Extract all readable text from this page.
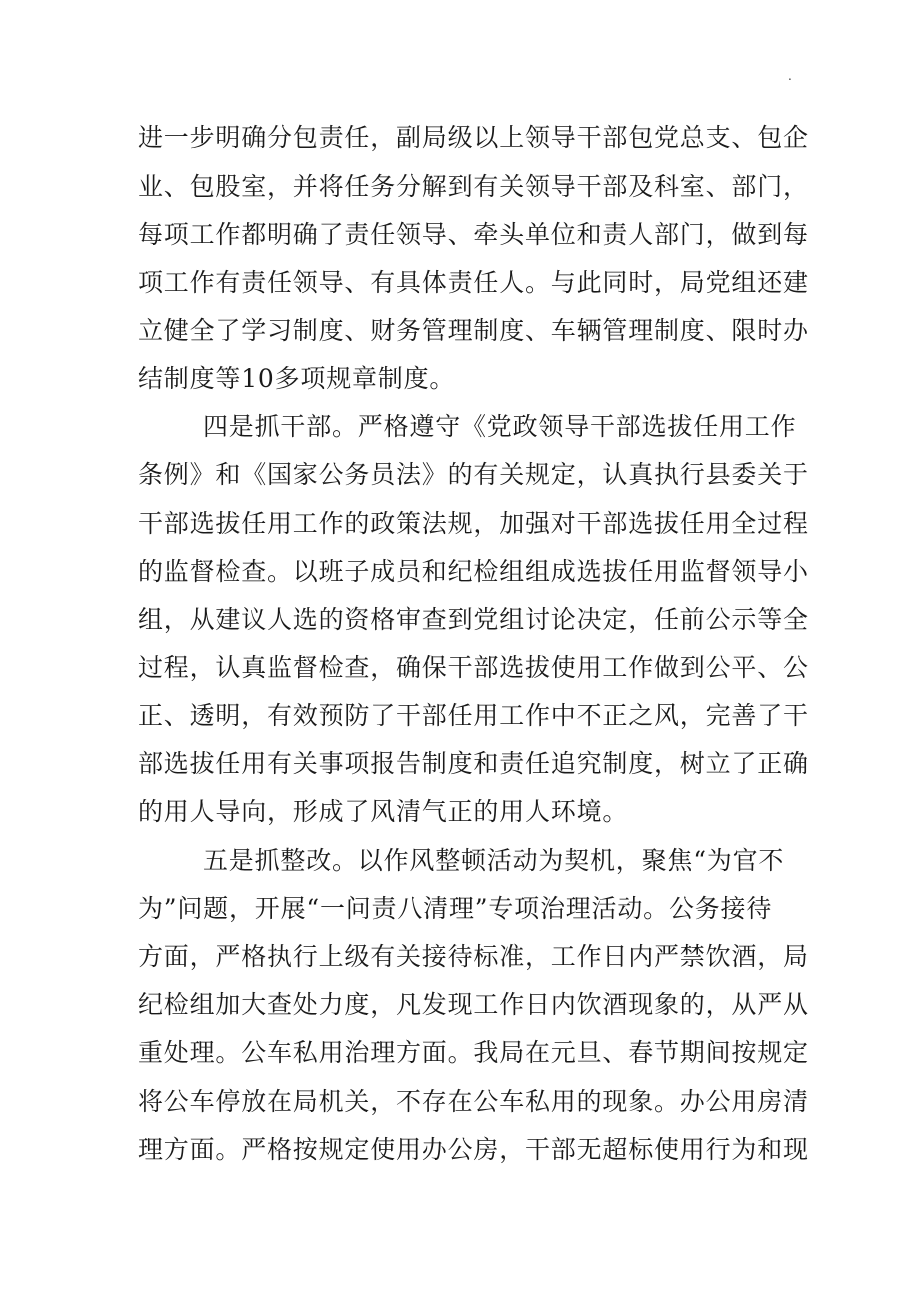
.
进一步明确分包责任，副局级以上领导干部包党总支、包企
业、包股室，并将任务分解到有关领导干部及科室、部门，
每项工作都明确了责任领导、牵头单位和责人部门，做到每
项工作有责任领导、有具体责任人。与此同时，局党组还建
立健全了学习制度、财务管理制度、车辆管理制度、限时办
结制度等10多项规章制度。
四是抓干部。严格遵守《党政领导干部选拔任用工作
条例》和《国家公务员法》的有关规定，认真执行县委关于
干部选拔任用工作的政策法规，加强对干部选拔任用全过程
的监督检查。以班子成员和纪检组组成选拔任用监督领导小
组，从建议人选的资格审查到党组讨论决定，任前公示等全
过程，认真监督检查，确保干部选拔使用工作做到公平、公
正、透明，有效预防了干部任用工作中不正之风，完善了干
部选拔任用有关事项报告制度和责任追究制度，树立了正确
的用人导向，形成了风清气正的用人环境。
五是抓整改。以作风整顿活动为契机，聚焦“为官不
为”问题，开展“一问责八清理”专项治理活动。公务接待
方面，严格执行上级有关接待标准，工作日内严禁饮酒，局
纪检组加大查处力度，凡发现工作日内饮酒现象的，从严从
重处理。公车私用治理方面。我局在元旦、春节期间按规定
将公车停放在局机关，不存在公车私用的现象。办公用房清
理方面。严格按规定使用办公房，干部无超标使用行为和现
